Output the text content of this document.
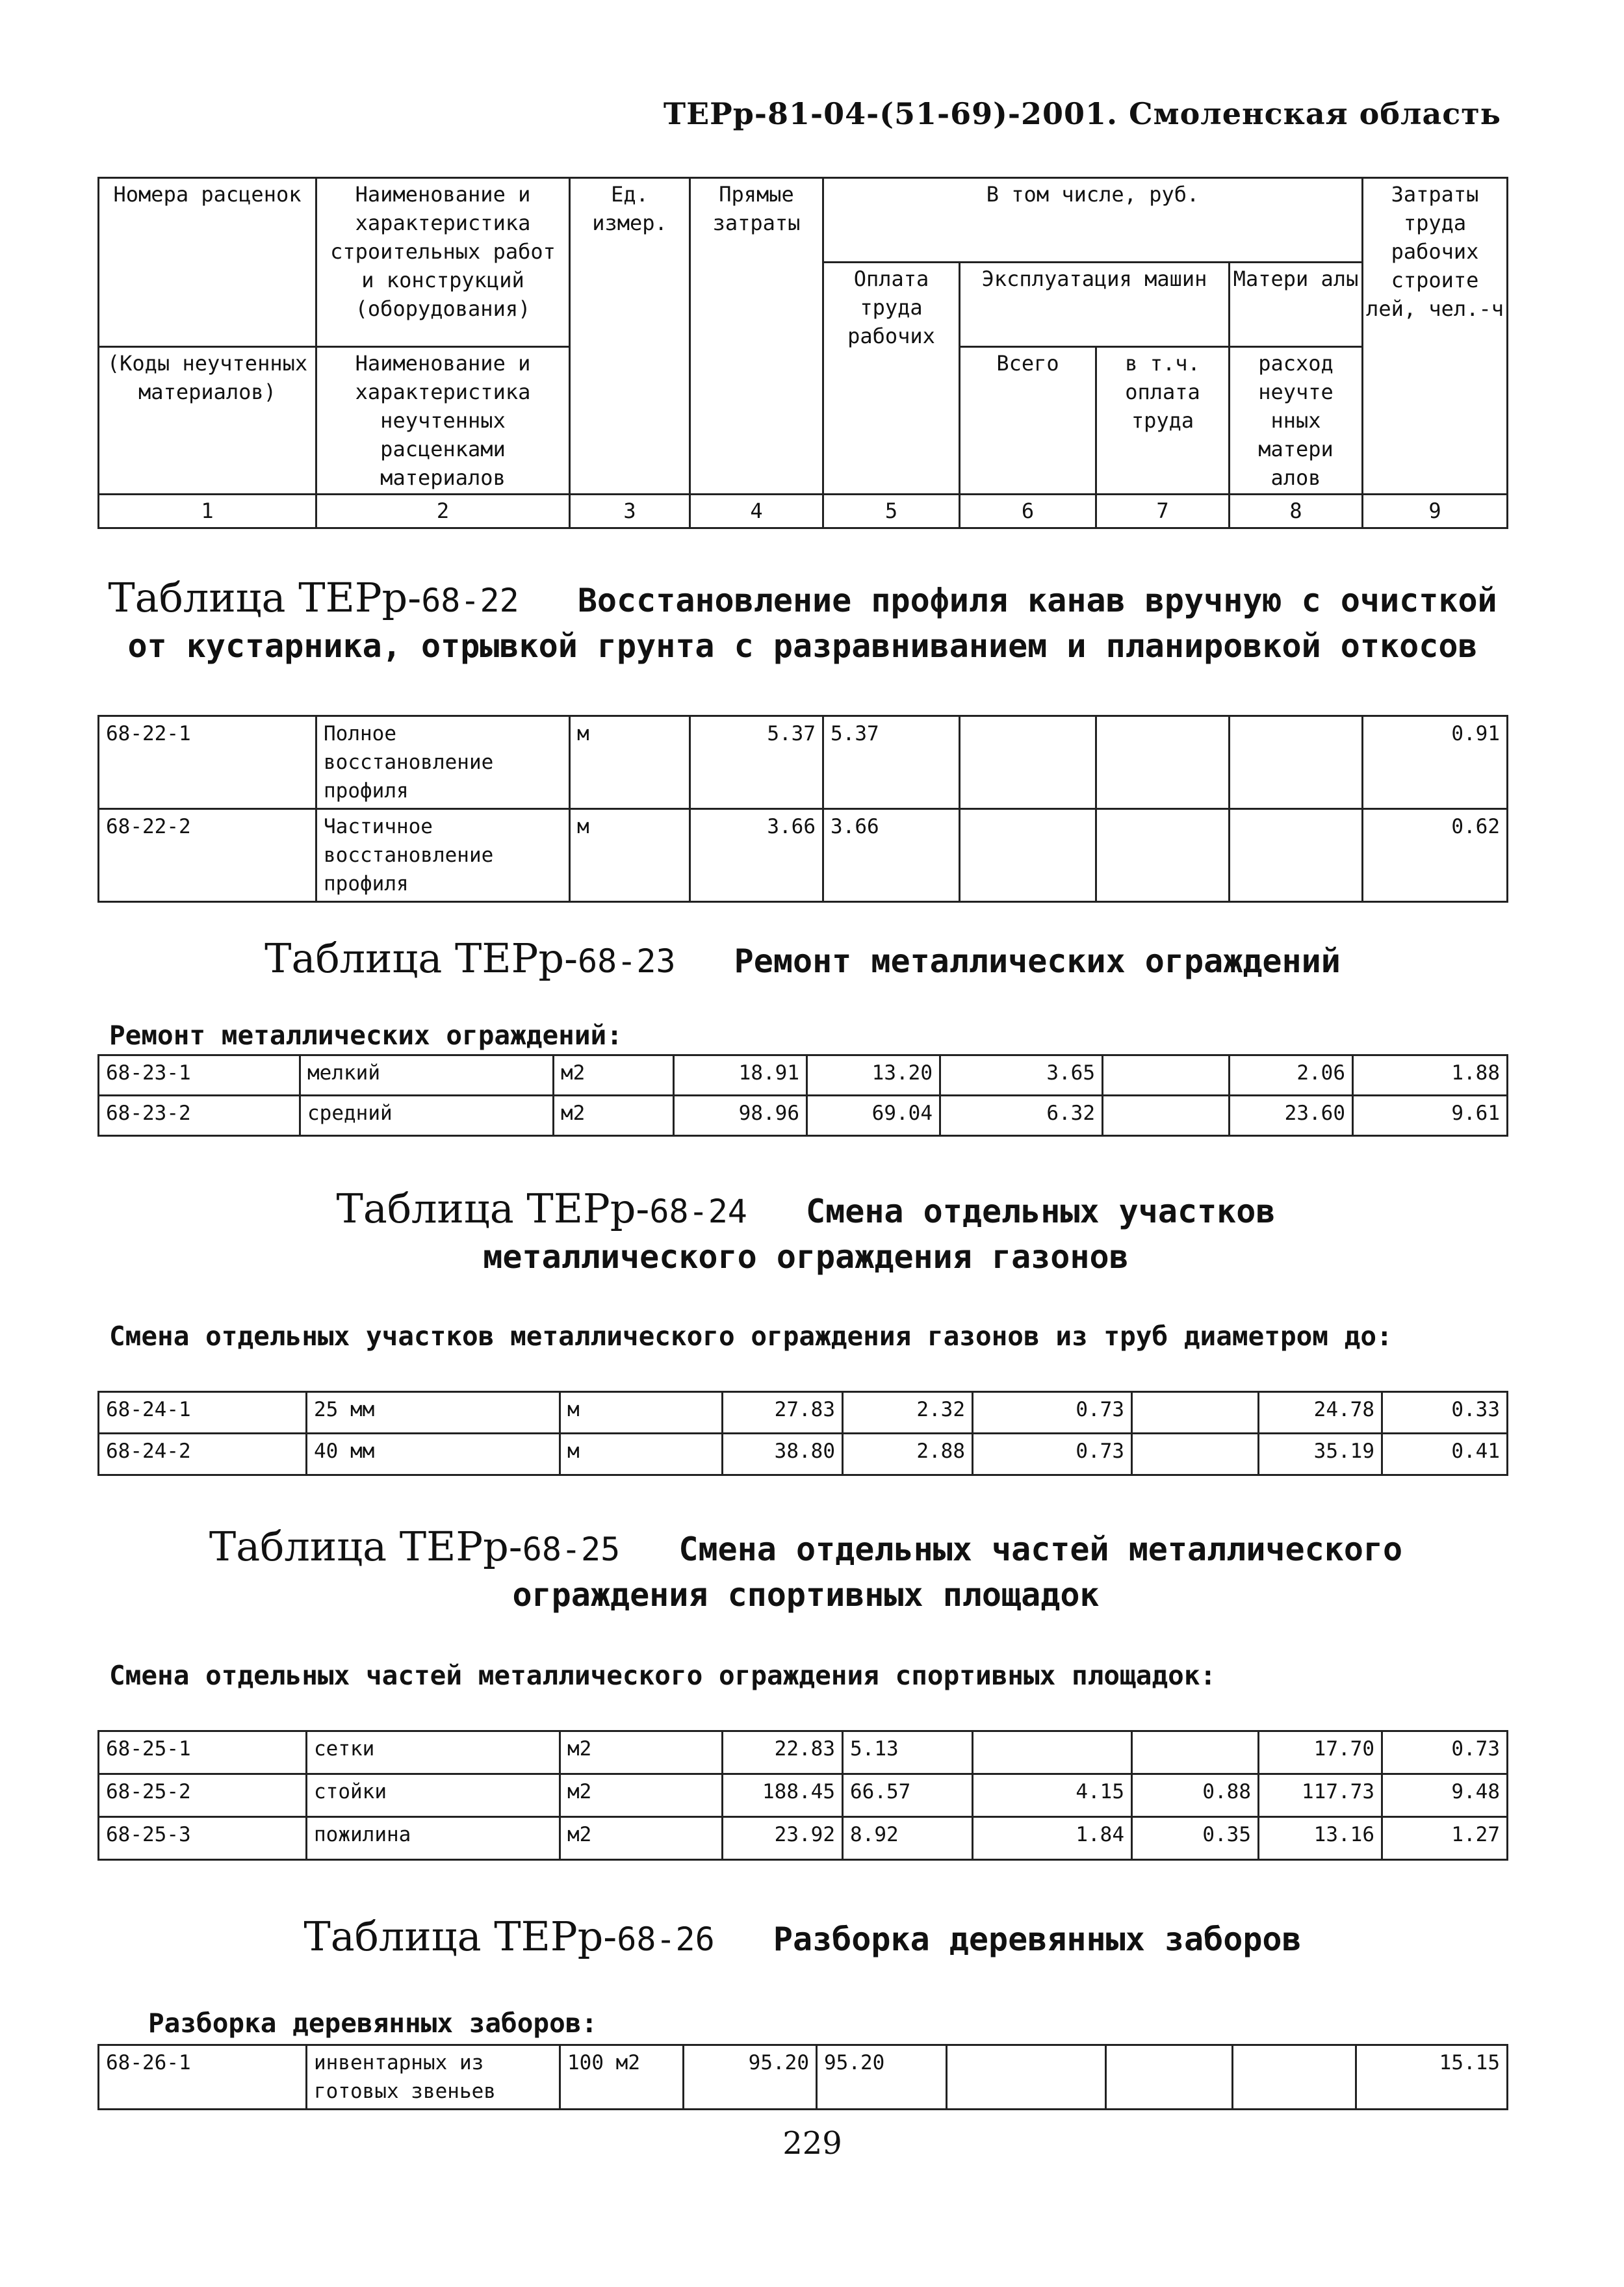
ТЕРр-81-04-(51-69)-2001. Смоленская область
Номера расценок	Наименование и характеристика строительных работ и конструкций (оборудования)	Ед. измер.	Прямые затраты	В том числе, руб.				Затраты труда рабочих строите лей, чел.-ч
				Оплата труда рабочих	Эксплуатация машин		Матери алы	
(Коды неучтенных материалов)	Наименование и характеристика неучтенных расценками материалов				Всего	в т.ч. оплата труда	расход неучте нных матери алов	

1	2	3	4	5	6	7	8	9
Таблица ТЕРр-68-22 Восстановление профиля канав вручную с очисткой от кустарника, отрывкой грунта с разравниванием и планировкой откосов
68-22-1	Полное восстановление профиля	м	5.37	5.37				0.91
68-22-2	Частичное восстановление профиля	м	3.66	3.66				0.62
Таблица ТЕРр-68-23 Ремонт металлических ограждений
Ремонт металлических ограждений:
68-23-1	мелкий	м2	18.91	13.20	3.65		2.06	1.88
68-23-2	средний	м2	98.96	69.04	6.32		23.60	9.61
Таблица ТЕРр-68-24 Смена отдельных участков металлического ограждения газонов
Смена отдельных участков металлического ограждения газонов из труб диаметром до:
68-24-1	25 мм	м	27.83	2.32	0.73		24.78	0.33
68-24-2	40 мм	м	38.80	2.88	0.73		35.19	0.41
Таблица ТЕРр-68-25 Смена отдельных частей металлического ограждения спортивных площадок
Смена отдельных частей металлического ограждения спортивных площадок:
68-25-1	сетки	м2	22.83	5.13			17.70	0.73
68-25-2	стойки	м2	188.45	66.57	4.15	0.88	117.73	9.48
68-25-3	пожилина	м2	23.92	8.92	1.84	0.35	13.16	1.27
Таблица ТЕРр-68-26 Разборка деревянных заборов
Разборка деревянных заборов:
68-26-1	инвентарных из готовых звеньев	100 м2	95.20	95.20				15.15
229
